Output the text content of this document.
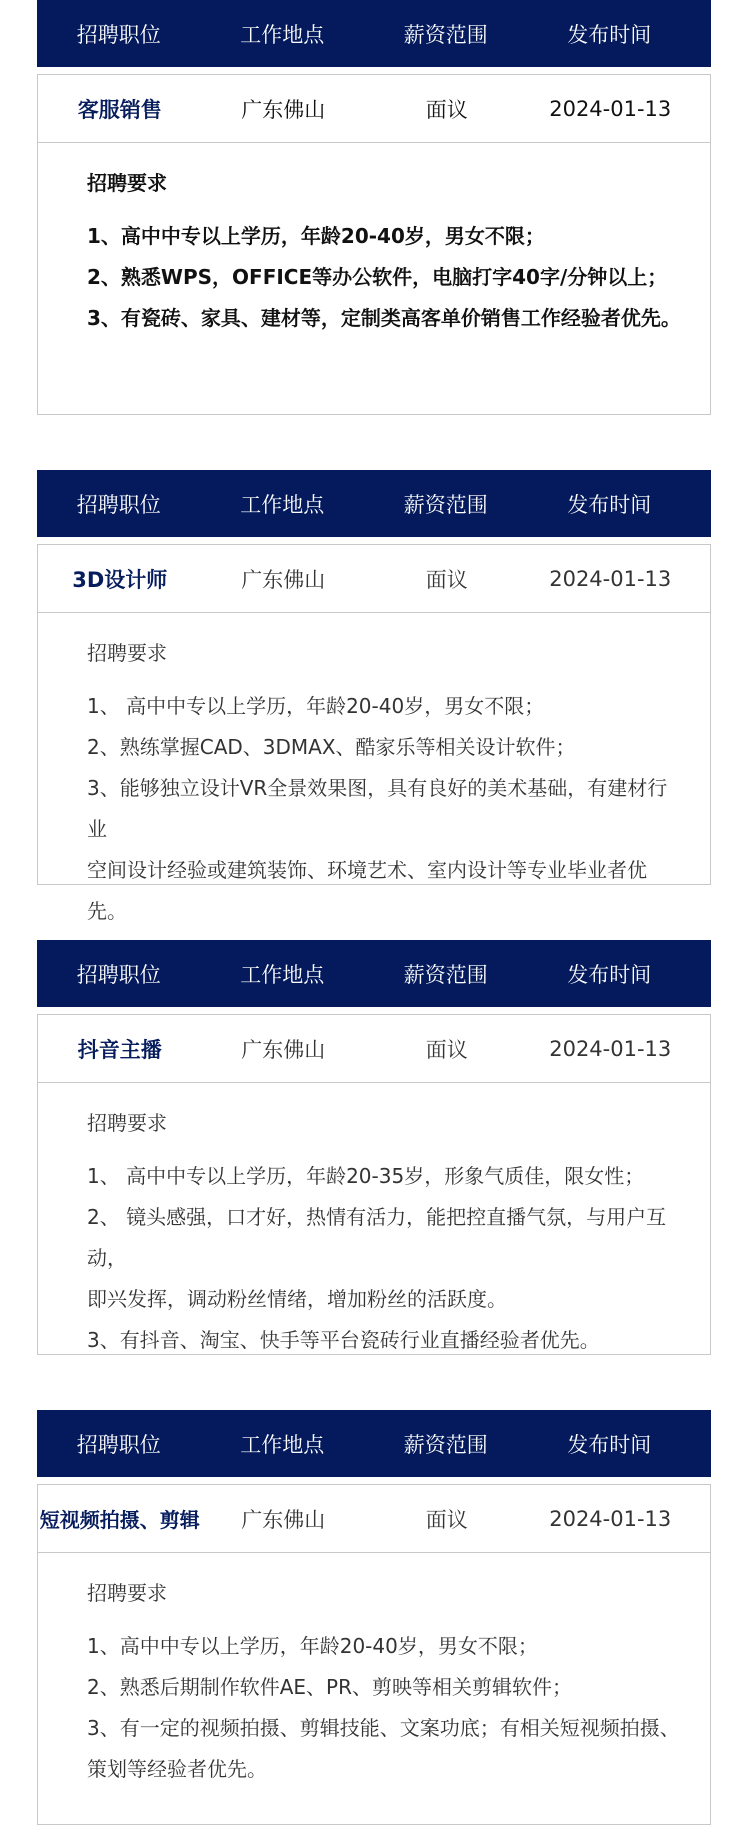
招聘职位	工作地点	薪资范围	发布时间
客服销售	广东佛山	面议	2024-01-13
招聘要求
1、高中中专以上学历，年龄20-40岁，男女不限；
2、熟悉WPS，OFFICE等办公软件，电脑打字40字/分钟以上；
3、有瓷砖、家具、建材等，定制类高客单价销售工作经验者优先。
招聘职位	工作地点	薪资范围	发布时间
3D设计师	广东佛山	面议	2024-01-13
招聘要求
1、 高中中专以上学历，年龄20-40岁，男女不限；
2、熟练掌握CAD、3DMAX、酷家乐等相关设计软件；
3、能够独立设计VR全景效果图，具有良好的美术基础，有建材行业
空间设计经验或建筑装饰、环境艺术、室内设计等专业毕业者优先。
招聘职位	工作地点	薪资范围	发布时间
抖音主播	广东佛山	面议	2024-01-13
招聘要求
1、 高中中专以上学历，年龄20-35岁，形象气质佳，限女性；
2、 镜头感强，口才好，热情有活力，能把控直播气氛，与用户互动，
即兴发挥，调动粉丝情绪，增加粉丝的活跃度。
3、有抖音、淘宝、快手等平台瓷砖行业直播经验者优先。
招聘职位	工作地点	薪资范围	发布时间
短视频拍摄、剪辑	广东佛山	面议	2024-01-13
招聘要求
1、高中中专以上学历，年龄20-40岁，男女不限；
2、熟悉后期制作软件AE、PR、剪映等相关剪辑软件；
3、有一定的视频拍摄、剪辑技能、文案功底；有相关短视频拍摄、
策划等经验者优先。
